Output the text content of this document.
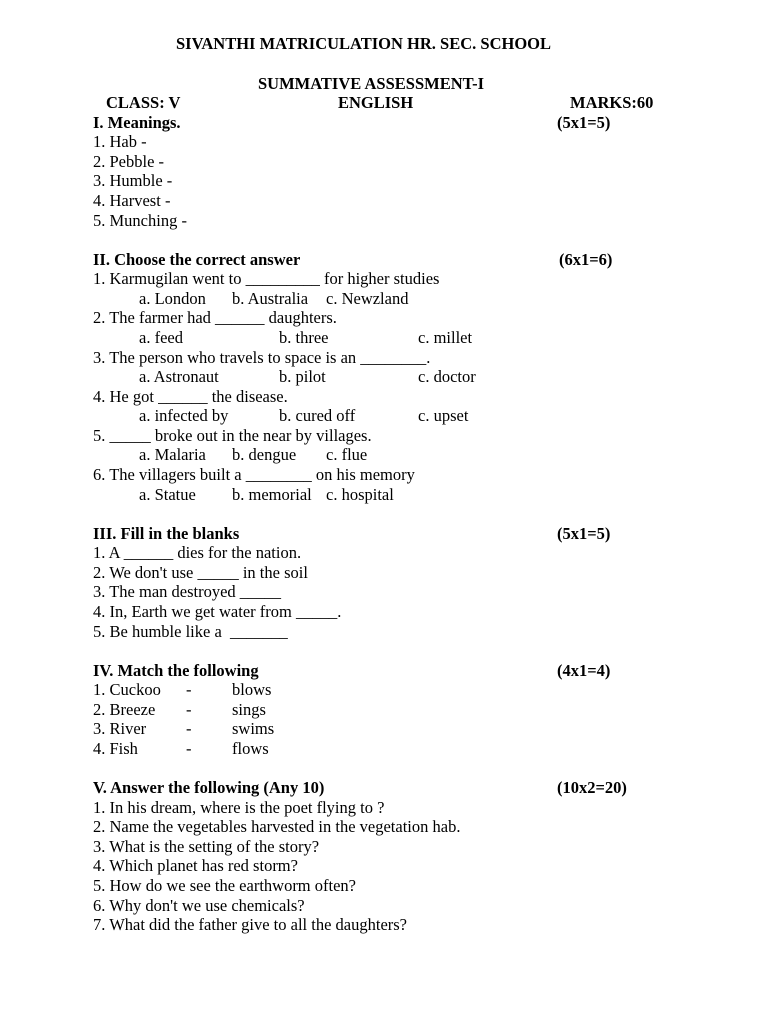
SIVANTHI MATRICULATION HR. SEC. SCHOOL
SUMMATIVE ASSESSMENT-I
CLASS: V	ENGLISH	MARKS:60
I. Meanings.	(5x1=5)
1. Hab -
2. Pebble -
3. Humble -
4. Harvest -
5. Munching -
II. Choose the correct answer	(6x1=6)
1. Karmugilan went to _________ for higher studies
a. London b. Australia c. Newzland
2. The farmer had ______ daughters.
a. feed	b. three	c. millet
3. The person who travels to space is an ________.
a. Astronaut	b. pilot	c. doctor
4. He got ______ the disease.
a. infected by	b. cured off	c. upset
5. _____ broke out in the near by villages.
a. Malaria b. dengue c. flue
6. The villagers built a ________ on his memory
a. Statue b. memorial c. hospital
III. Fill in the blanks	(5x1=5)
1. A ______ dies for the nation.
2. We don't use _____ in the soil
3. The man destroyed _____
4. In, Earth we get water from _____.
5. Be humble like a  _______
IV. Match the following	(4x1=4)
1. Cuckoo - blows
2. Breeze - sings
3. River - swims
4. Fish	- flows
V. Answer the following (Any 10)	(10x2=20)
1. In his dream, where is the poet flying to ?
2. Name the vegetables harvested in the vegetation hab.
3. What is the setting of the story?
4. Which planet has red storm?
5. How do we see the earthworm often?
6. Why don't we use chemicals?
7. What did the father give to all the daughters?
